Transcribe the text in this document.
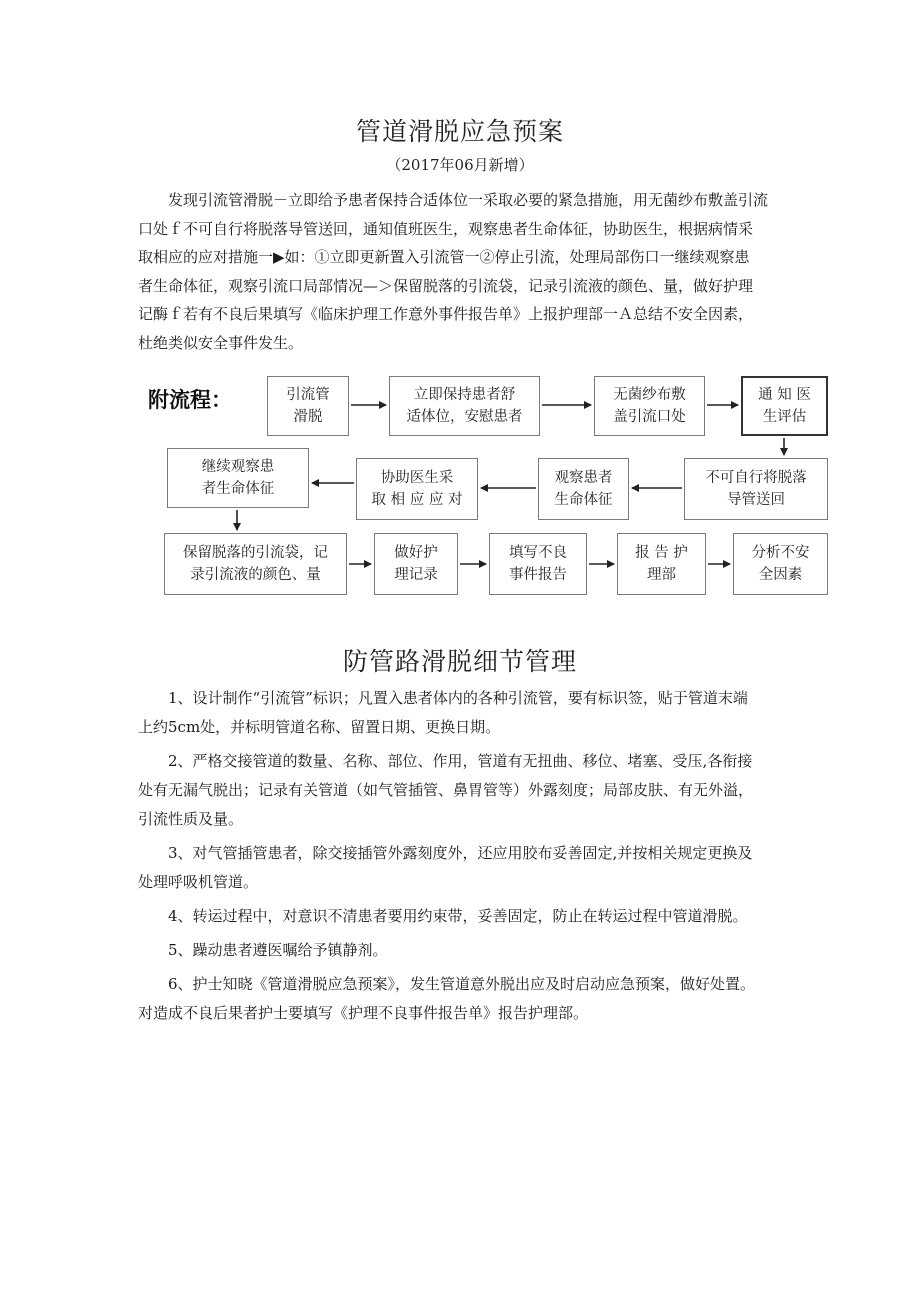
管道滑脱应急预案
（2017年06月新增）

　　发现引流管滑脱－立即给予患者保持合适体位一采取必要的紧急措施，用无菌纱布敷盖引流
口处ｆ不可自行将脱落导管送回，通知值班医生，观察患者生命体征，协助医生，根据病情采
取相应的应对措施一▶如：①立即更新置入引流管一②停止引流，处理局部伤口一继续观察患
者生命体征，观察引流口局部情况—＞保留脱落的引流袋，记录引流液的颜色、量，做好护理
记酶ｆ若有不良后果填写《临床护理工作意外事件报告单》上报护理部一Ａ总结不安全因素，
杜绝类似安全事件发生。

附流程：	引流管
滑脱
立即保持患者舒
适体位，安慰患者
无菌纱布敷
盖引流口处
通 知 医
生评估
不可自行将脱落
导管送回
观察患者
生命体征
协助医生采
取 相 应 应 对
继续观察患
者生命体征
保留脱落的引流袋，记
录引流液的颜色、量
做好护
理记录
填写不良
事件报告
报 告 护
理部
分析不安
全因素
防管路滑脱细节管理
　　1、设计制作“引流管”标识；凡置入患者体内的各种引流管，要有标识签，贴于管道末端
上约5cm处，并标明管道名称、留置日期、更换日期。
　　2、严格交接管道的数量、名称、部位、作用，管道有无扭曲、移位、堵塞、受压,各衔接
处有无漏气脱出；记录有关管道（如气管插管、鼻胃管等）外露刻度；局部皮肤、有无外溢，
引流性质及量。
　　3、对气管插管患者，除交接插管外露刻度外，还应用胶布妥善固定,并按相关规定更换及
处理呼吸机管道。
　　4、转运过程中，对意识不清患者要用约束带，妥善固定，防止在转运过程中管道滑脱。
　　5、躁动患者遵医嘱给予镇静剂。
　　6、护士知晓《管道滑脱应急预案》，发生管道意外脱出应及时启动应急预案，做好处置。
对造成不良后果者护士要填写《护理不良事件报告单》报告护理部。
